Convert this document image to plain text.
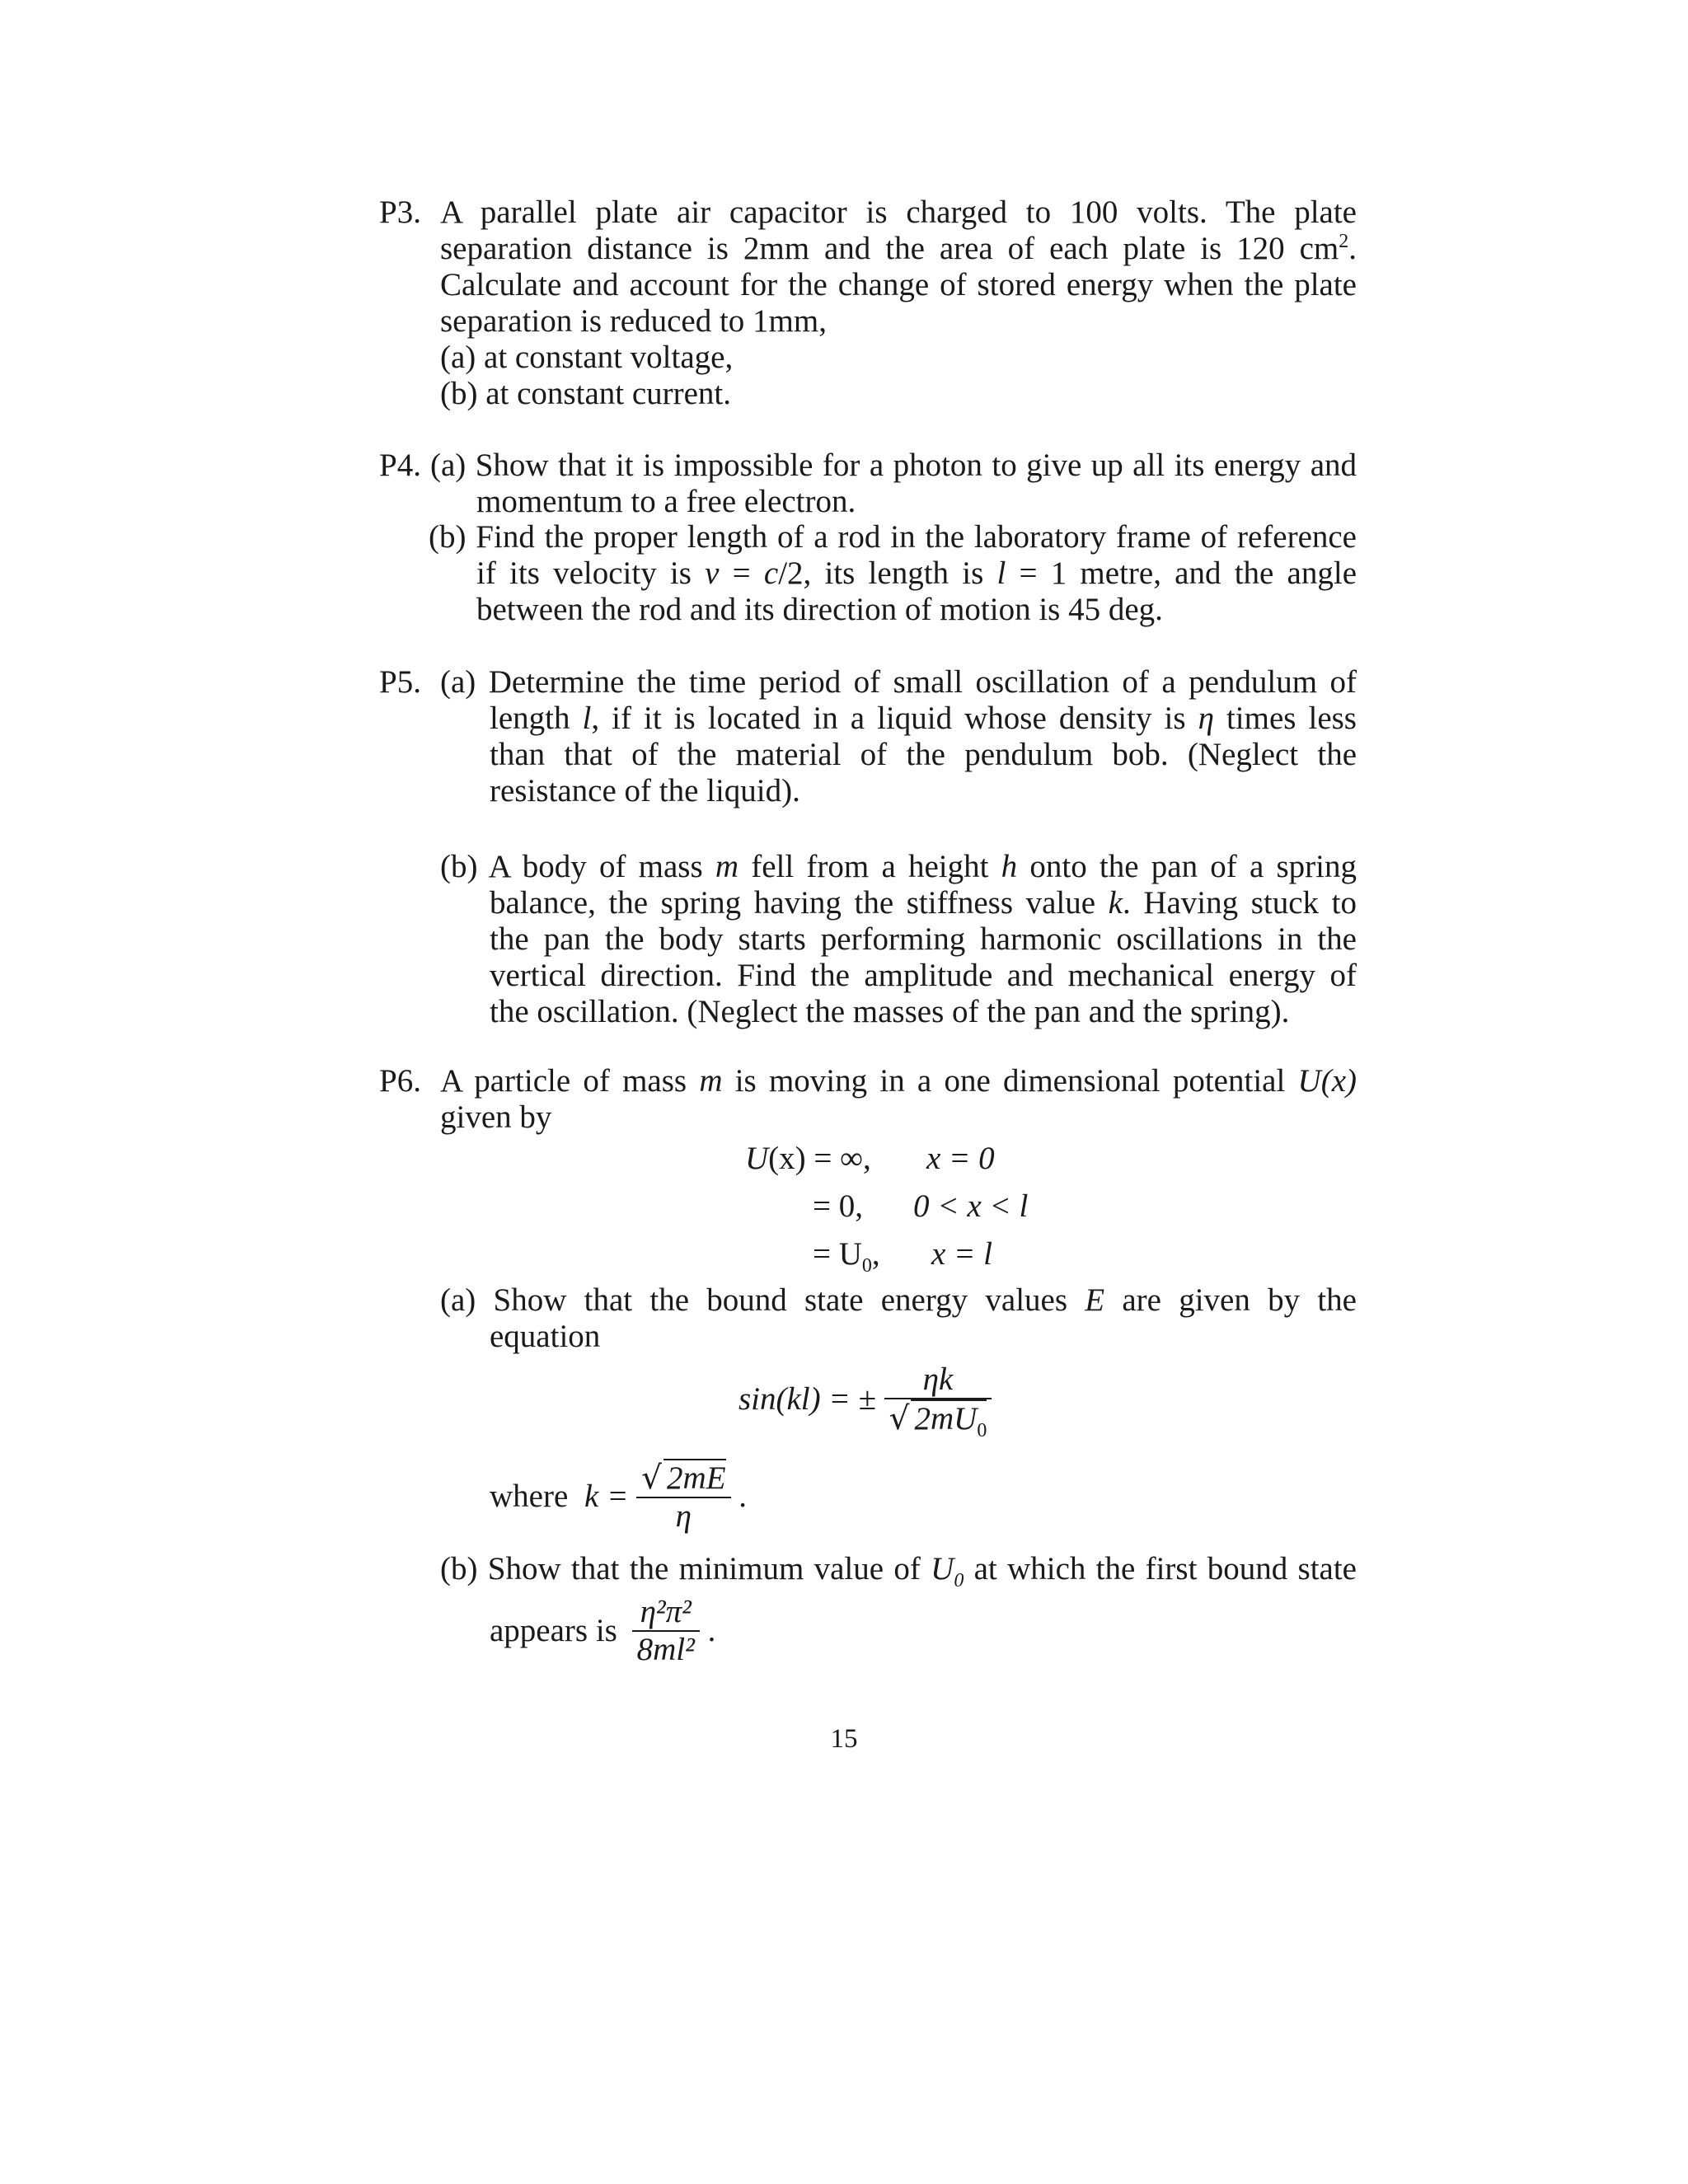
P3. A parallel plate air capacitor is charged to 100 volts. The plate
separation distance is 2mm and the area of each plate is 120 $cm^2$.
Calculate and account for the change of stored energy when the plate
separation is reduced to 1mm,
(a) at constant voltage,
(b) at constant current.
P4. (a) Show that it is impossible for a photon to give up all its energy and
momentum to a free electron.
(b) Find the proper length of a rod in the laboratory frame of reference
if its velocity is v = c/2, its length is l = 1 metre, and the angle
between the rod and its direction of motion is 45 deg.
P5. (a) Determine the time period of small oscillation of a pendulum of
length l, if it is located in a liquid whose density is η times less
than that of the material of the pendulum bob. (Neglect the
resistance of the liquid).
(b) A body of mass m fell from a height h onto the pan of a spring
balance, the spring having the stiffness value k. Having stuck to
the pan the body starts performing harmonic oscillations in the
vertical direction. Find the amplitude and mechanical energy of
the oscillation. (Neglect the masses of the pan and the spring).
P6. A particle of mass m is moving in a one dimensional potential U(x)
given by
U(x) = ∞, x = 0
= 0, 0 < x < l
= $U_0$, x = l
(a) Show that the bound state energy values E are given by the
equation
sin(kl) = ± $\frac{\eta k}{√ 2mU_0}$
where $k = \frac{√ 2mE}{\eta}$ .
(b) Show that the minimum value of $U_0$ at which the first bound state
appears is $\frac{\text{η²π²}}{\text{8ml²}}$ .
15
